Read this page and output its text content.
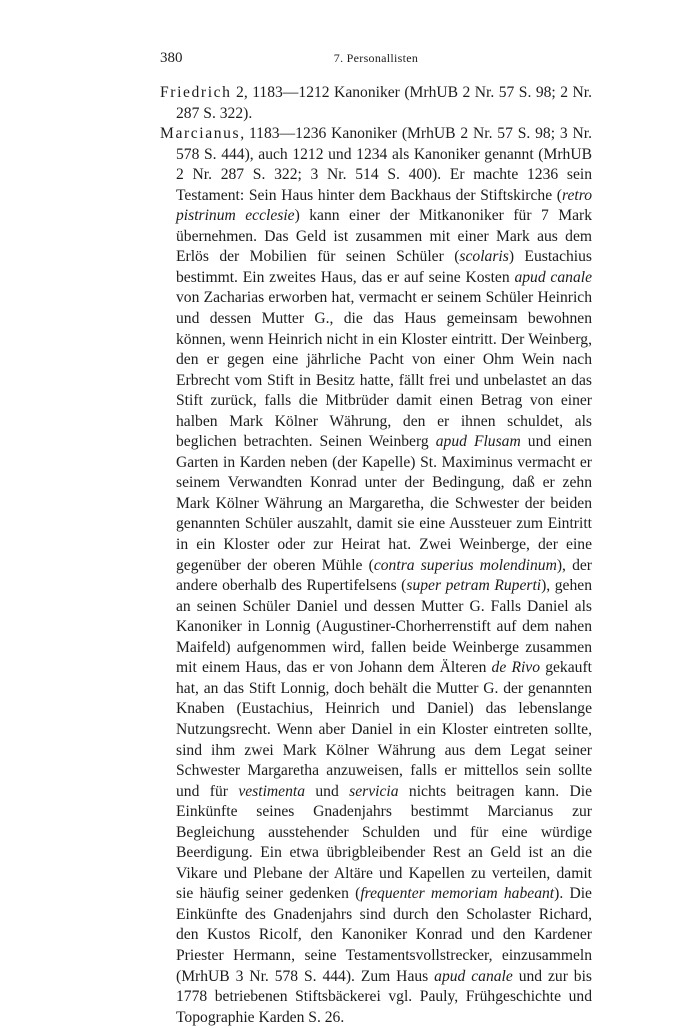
380	7. Personallisten

Friedrich 2, 1183—1212 Kanoniker (MrhUB 2 Nr. 57 S. 98; 2 Nr. 287 S. 322).

Marcianus, 1183—1236 Kanoniker (MrhUB 2 Nr. 57 S. 98; 3 Nr. 578 S. 444), auch 1212 und 1234 als Kanoniker genannt (MrhUB 2 Nr. 287 S. 322; 3 Nr. 514 S. 400). Er machte 1236 sein Testament: Sein Haus hinter dem Backhaus der Stiftskirche (retro pistrinum ecclesie) kann einer der Mitkanoniker für 7 Mark übernehmen. Das Geld ist zusammen mit einer Mark aus dem Erlös der Mobilien für seinen Schüler (scolaris) Eustachius bestimmt. Ein zweites Haus, das er auf seine Kosten apud canale von Zacharias erworben hat, vermacht er seinem Schüler Heinrich und dessen Mutter G., die das Haus gemeinsam bewohnen können, wenn Heinrich nicht in ein Kloster eintritt. Der Weinberg, den er gegen eine jährliche Pacht von einer Ohm Wein nach Erbrecht vom Stift in Besitz hatte, fällt frei und unbelastet an das Stift zurück, falls die Mitbrüder damit einen Betrag von einer halben Mark Kölner Währung, den er ihnen schuldet, als beglichen betrachten. Seinen Weinberg apud Flusam und einen Garten in Karden neben (der Kapelle) St. Maximinus vermacht er seinem Verwandten Konrad unter der Bedingung, daß er zehn Mark Kölner Währung an Margaretha, die Schwester der beiden genannten Schüler auszahlt, damit sie eine Aussteuer zum Eintritt in ein Kloster oder zur Heirat hat. Zwei Weinberge, der eine gegenüber der oberen Mühle (contra superius molendinum), der andere oberhalb des Rupertifelsens (super petram Ruperti), gehen an seinen Schüler Daniel und dessen Mutter G. Falls Daniel als Kanoniker in Lonnig (Augustiner-Chorherrenstift auf dem nahen Maifeld) aufgenommen wird, fallen beide Weinberge zusammen mit einem Haus, das er von Johann dem Älteren de Rivo gekauft hat, an das Stift Lonnig, doch behält die Mutter G. der genannten Knaben (Eustachius, Heinrich und Daniel) das lebenslange Nutzungsrecht. Wenn aber Daniel in ein Kloster eintreten sollte, sind ihm zwei Mark Kölner Währung aus dem Legat seiner Schwester Margaretha anzuweisen, falls er mittellos sein sollte und für vestimenta und servicia nichts beitragen kann. Die Einkünfte seines Gnadenjahrs bestimmt Marcianus zur Begleichung ausstehender Schulden und für eine würdige Beerdigung. Ein etwa übrigbleibender Rest an Geld ist an die Vikare und Plebane der Altäre und Kapellen zu verteilen, damit sie häufig seiner gedenken (frequenter memoriam habeant). Die Einkünfte des Gnadenjahrs sind durch den Scholaster Richard, den Kustos Ricolf, den Kanoniker Konrad und den Kardener Priester Hermann, seine Testamentsvollstrecker, einzusammeln (MrhUB 3 Nr. 578 S. 444). Zum Haus apud canale und zur bis 1778 betriebenen Stiftsbäckerei vgl. Pauly, Frühgeschichte und Topographie Karden S. 26.
